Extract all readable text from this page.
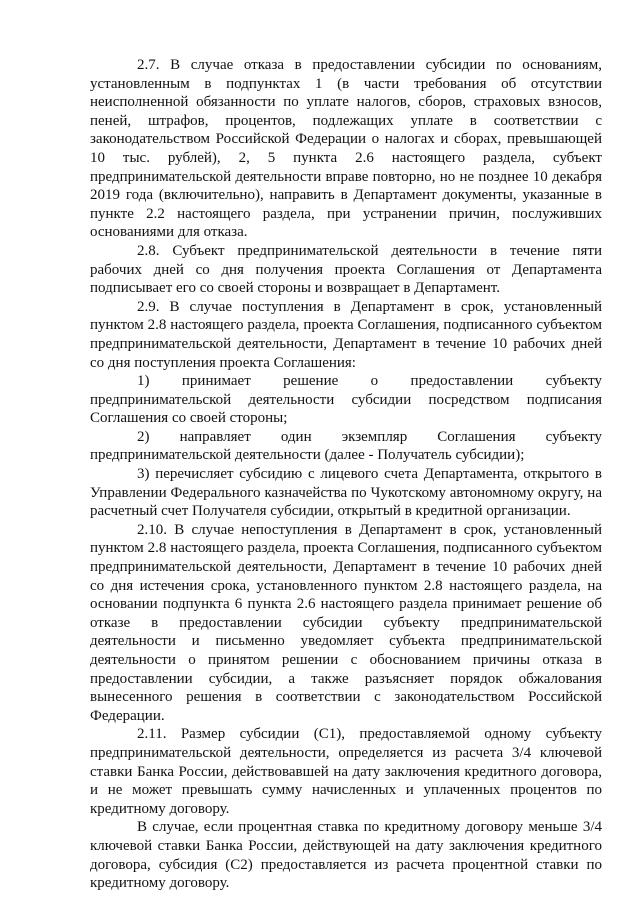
2.7. В случае отказа в предоставлении субсидии по основаниям, установленным в подпунктах 1 (в части требования об отсутствии неисполненной обязанности по уплате налогов, сборов, страховых взносов, пеней, штрафов, процентов, подлежащих уплате в соответствии с законодательством Российской Федерации о налогах и сборах, превышающей 10 тыс. рублей), 2, 5 пункта 2.6 настоящего раздела, субъект предпринимательской деятельности вправе повторно, но не позднее 10 декабря 2019 года (включительно), направить в Департамент документы, указанные в пункте 2.2 настоящего раздела, при устранении причин, послуживших основаниями для отказа.

2.8. Субъект предпринимательской деятельности в течение пяти рабочих дней со дня получения проекта Соглашения от Департамента подписывает его со своей стороны и возвращает в Департамент.

2.9. В случае поступления в Департамент в срок, установленный пунктом 2.8 настоящего раздела, проекта Соглашения, подписанного субъектом предпринимательской деятельности, Департамент в течение 10 рабочих дней со дня поступления проекта Соглашения:

1) принимает решение о предоставлении субъекту предпринимательской деятельности субсидии посредством подписания Соглашения со своей стороны;

2) направляет один экземпляр Соглашения субъекту предпринимательской деятельности (далее - Получатель субсидии);

3) перечисляет субсидию с лицевого счета Департамента, открытого в Управлении Федерального казначейства по Чукотскому автономному округу, на расчетный счет Получателя субсидии, открытый в кредитной организации.

2.10. В случае непоступления в Департамент в срок, установленный пунктом 2.8 настоящего раздела, проекта Соглашения, подписанного субъектом предпринимательской деятельности, Департамент в течение 10 рабочих дней со дня истечения срока, установленного пунктом 2.8 настоящего раздела, на основании подпункта 6 пункта 2.6 настоящего раздела принимает решение об отказе в предоставлении субсидии субъекту предпринимательской деятельности и письменно уведомляет субъекта предпринимательской деятельности о принятом решении с обоснованием причины отказа в предоставлении субсидии, а также разъясняет порядок обжалования вынесенного решения в соответствии с законодательством Российской Федерации.

2.11. Размер субсидии (С1), предоставляемой одному субъекту предпринимательской деятельности, определяется из расчета 3/4 ключевой ставки Банка России, действовавшей на дату заключения кредитного договора, и не может превышать сумму начисленных и уплаченных процентов по кредитному договору.

В случае, если процентная ставка по кредитному договору меньше 3/4 ключевой ставки Банка России, действующей на дату заключения кредитного договора, субсидия (С2) предоставляется из расчета процентной ставки по кредитному договору.
